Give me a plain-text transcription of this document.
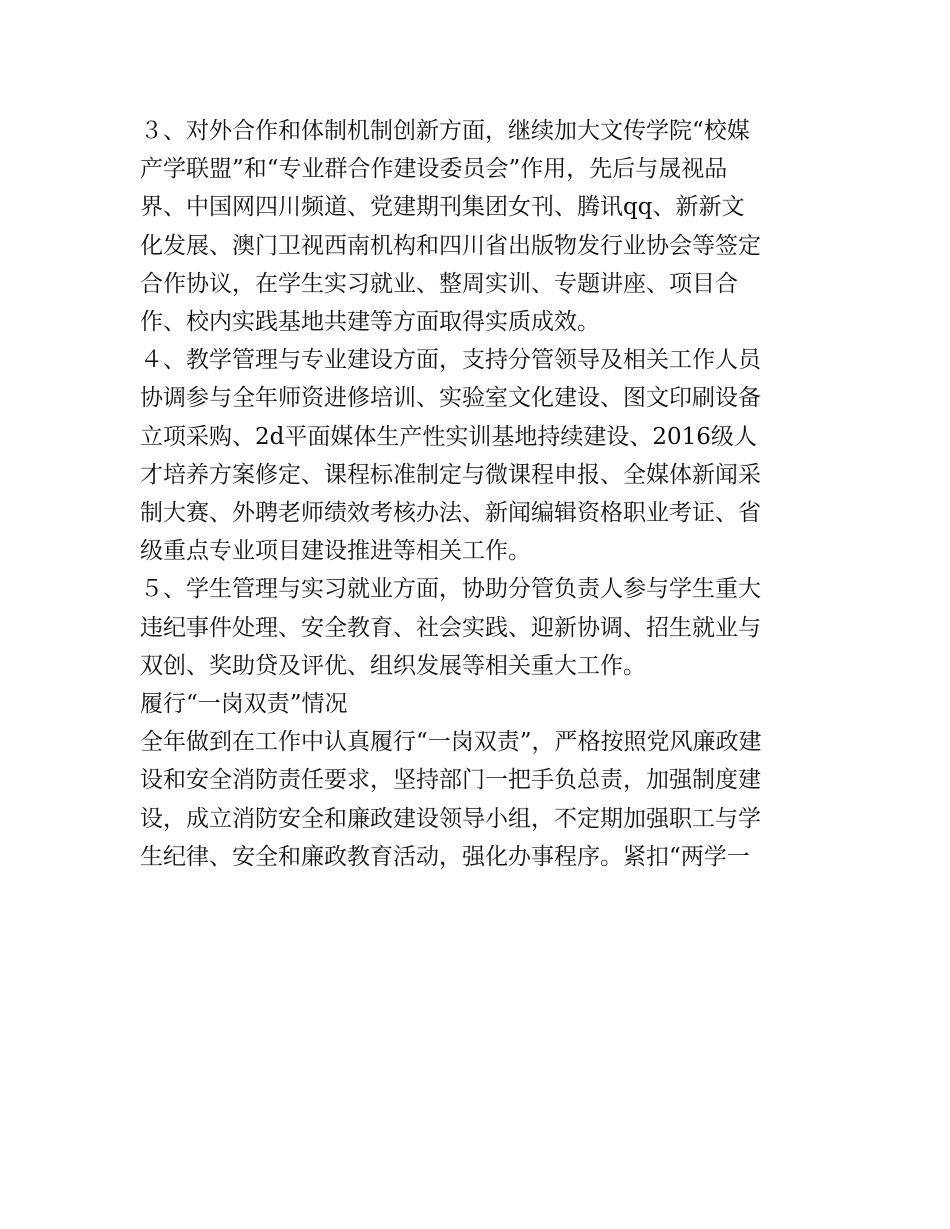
３、对外合作和体制机制创新方面，继续加大文传学院“校媒
产学联盟”和“专业群合作建设委员会”作用，先后与晟视品
界、中国网四川频道、党建期刊集团女刊、腾讯qq、新新文
化发展、澳门卫视西南机构和四川省出版物发行业协会等签定
合作协议，在学生实习就业、整周实训、专题讲座、项目合
作、校内实践基地共建等方面取得实质成效。
４、教学管理与专业建设方面，支持分管领导及相关工作人员
协调参与全年师资进修培训、实验室文化建设、图文印刷设备
立项采购、2d平面媒体生产性实训基地持续建设、2016级人
才培养方案修定、课程标准制定与微课程申报、全媒体新闻采
制大赛、外聘老师绩效考核办法、新闻编辑资格职业考证、省
级重点专业项目建设推进等相关工作。
５、学生管理与实习就业方面，协助分管负责人参与学生重大
违纪事件处理、安全教育、社会实践、迎新协调、招生就业与
双创、奖助贷及评优、组织发展等相关重大工作。
履行“一岗双责”情况
全年做到在工作中认真履行“一岗双责”，严格按照党风廉政建
设和安全消防责任要求，坚持部门一把手负总责，加强制度建
设，成立消防安全和廉政建设领导小组，不定期加强职工与学
生纪律、安全和廉政教育活动，强化办事程序。紧扣“两学一
